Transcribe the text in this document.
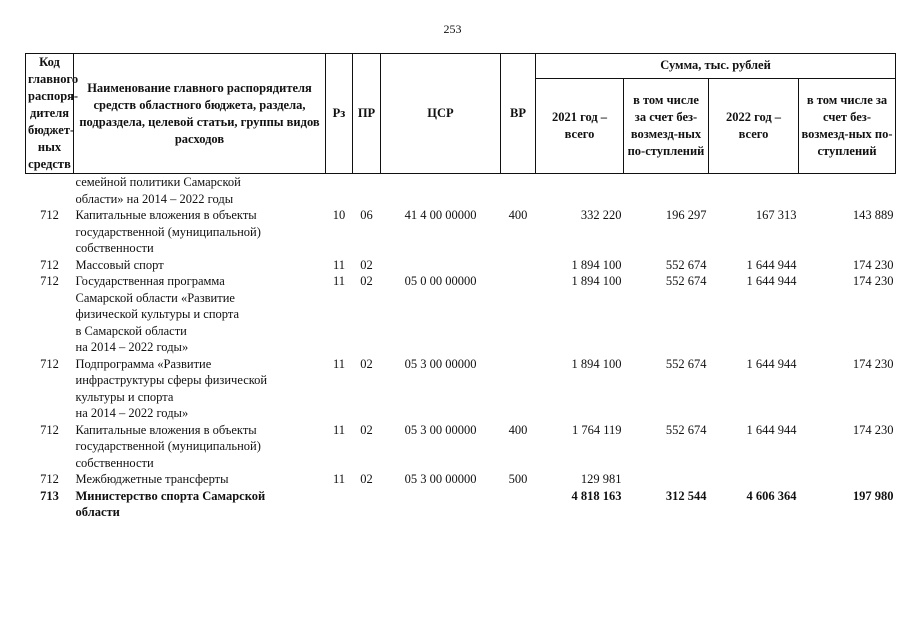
253
Код главного распоря-дителя бюджет-ных средств	Наименование главного распорядителя средств областного бюджета, раздела, подраздела, целевой статьи, группы видов расходов	Рз	ПР	ЦСР	ВР	Сумма, тыс. рублей			
						2021 год – всего	в том числе за счет без-возмезд-ных по-ступлений	2022 год – всего	в том числе за счет без-возмезд-ных по-ступлений
	семейной политики Самарской
области» на 2014 – 2022 годы								
712	Капитальные вложения в объекты
государственной (муниципальной)
собственности	10	06	41 4 00 00000	400	332 220	196 297	167 313	143 889
712	Массовый спорт	11	02			1 894 100	552 674	1 644 944	174 230
712	Государственная программа
Самарской области «Развитие
физической культуры и спорта
в Самарской области
на 2014 – 2022 годы»	11	02	05 0 00 00000		1 894 100	552 674	1 644 944	174 230
712	Подпрограмма «Развитие
инфраструктуры сферы физической
культуры и спорта
на 2014 – 2022 годы»	11	02	05 3 00 00000		1 894 100	552 674	1 644 944	174 230
712	Капитальные вложения в объекты
государственной (муниципальной)
собственности	11	02	05 3 00 00000	400	1 764 119	552 674	1 644 944	174 230
712	Межбюджетные трансферты	11	02	05 3 00 00000	500	129 981			
713	Министерство спорта Самарской
области					4 818 163	312 544	4 606 364	197 980
